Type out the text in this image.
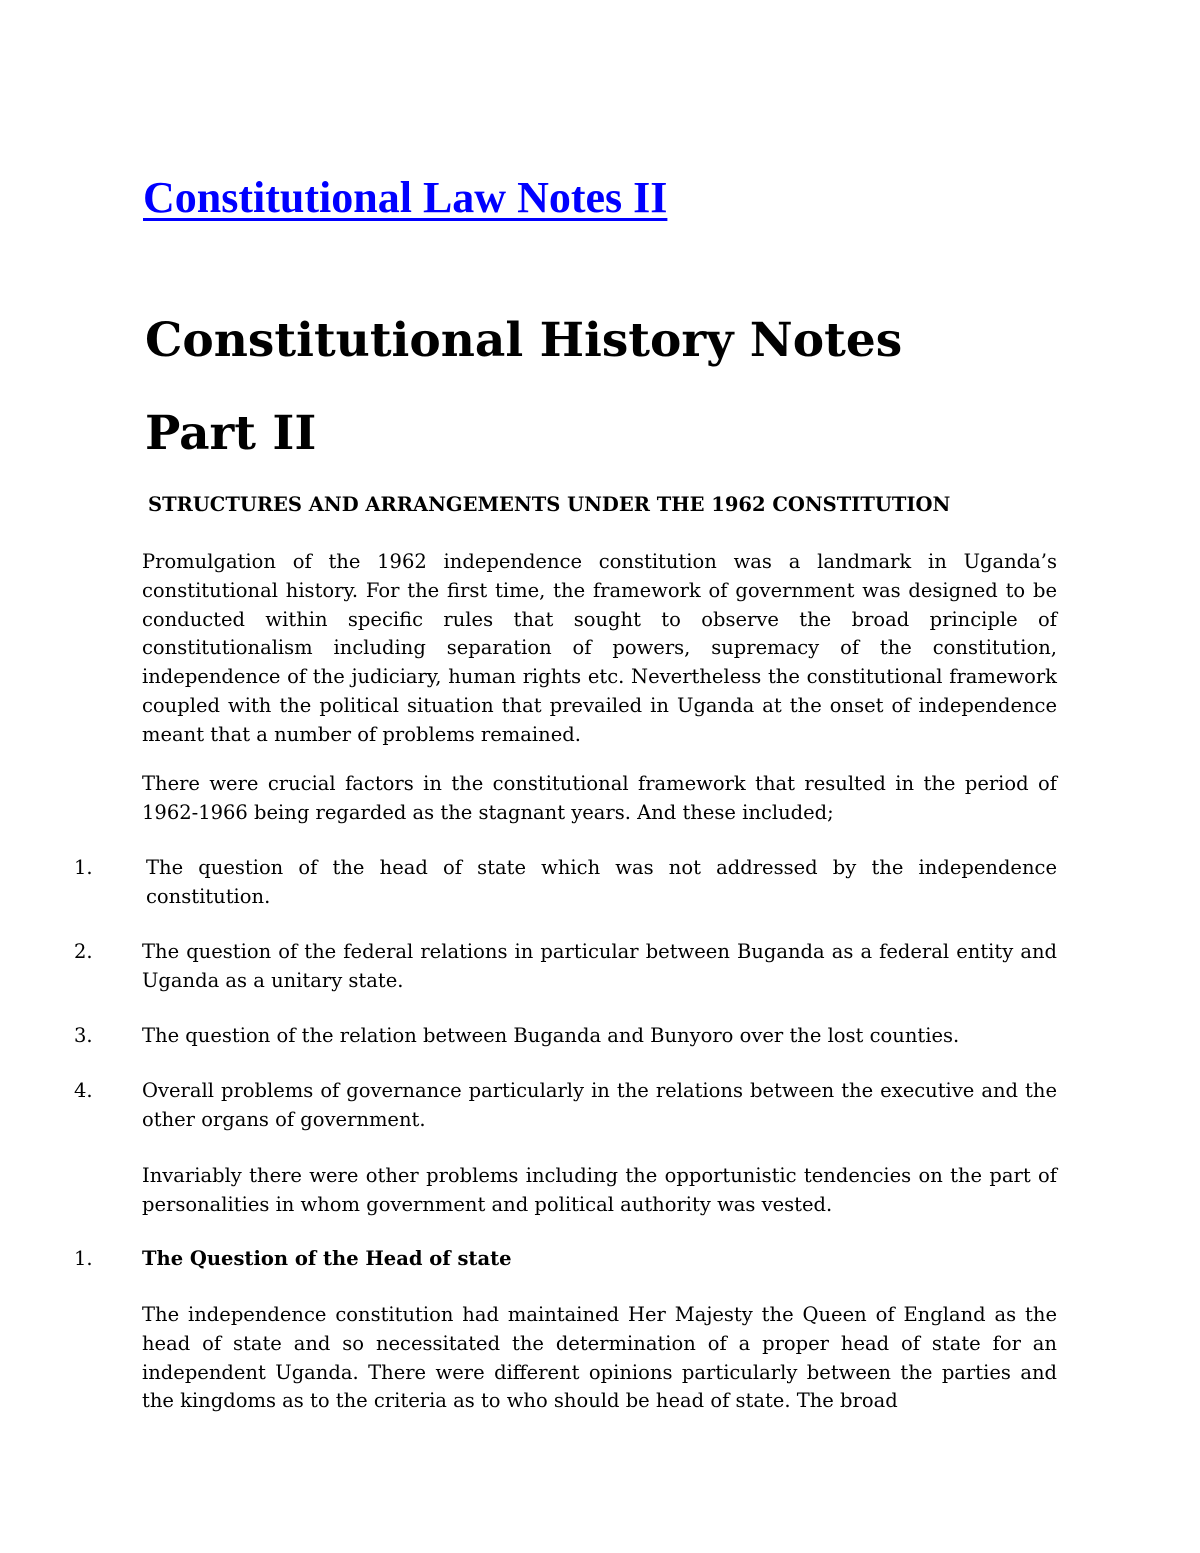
Constitutional Law Notes II
Constitutional History Notes
Part II
STRUCTURES AND ARRANGEMENTS UNDER THE 1962 CONSTITUTION

Promulgation of the 1962 independence constitution was a landmark in Uganda’s constitutional history. For the first time, the framework of government was designed to be conducted within specific rules that sought to observe the broad principle of constitutionalism including separation of powers, supremacy of the constitution, independence of the judiciary, human rights etc. Nevertheless the constitutional framework coupled with the political situation that prevailed in Uganda at the onset of independence meant that a number of problems remained.

There were crucial factors in the constitutional framework that resulted in the period of 1962-1966 being regarded as the stagnant years. And these included;

1.	The question of the head of state which was not addressed by the independence constitution.
2.	The question of the federal relations in particular between Buganda as a federal entity and Uganda as a unitary state.
3.	The question of the relation between Buganda and Bunyoro over the lost counties.
4.	Overall problems of governance particularly in the relations between the executive and the other organs of government.

Invariably there were other problems including the opportunistic tendencies on the part of personalities in whom government and political authority was vested.

1.	The Question of the Head of state

The independence constitution had maintained Her Majesty the Queen of England as the head of state and so necessitated the determination of a proper head of state for an independent Uganda. There were different opinions particularly between the parties and the kingdoms as to the criteria as to who should be head of state. The broad
